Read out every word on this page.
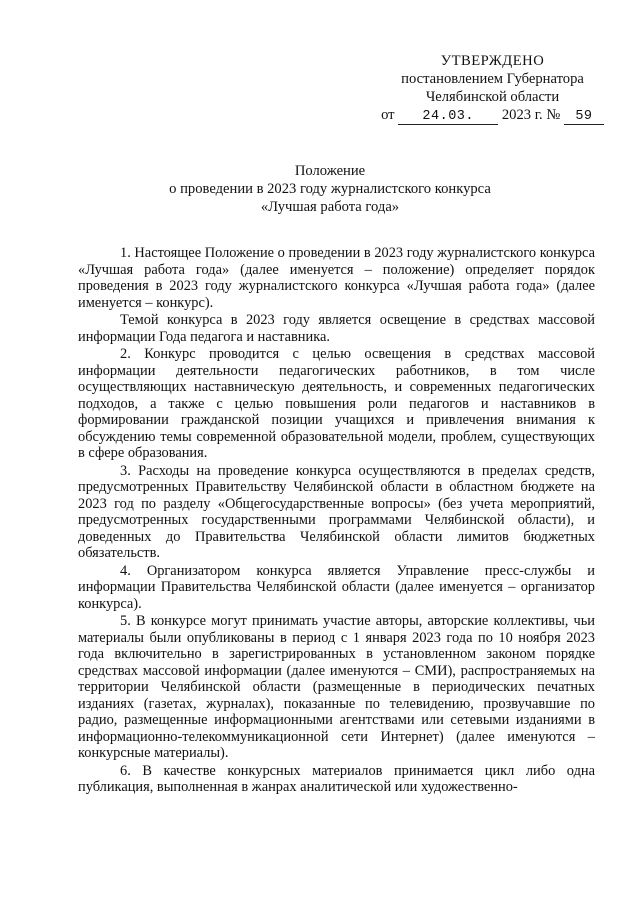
УТВЕРЖДЕНО
постановлением Губернатора
Челябинской области
от 24.03. 2023 г. № 59
Положение
о проведении в 2023 году журналистского конкурса
«Лучшая работа года»

1. Настоящее Положение о проведении в 2023 году журналистского конкурса «Лучшая работа года» (далее именуется – положение) определяет порядок проведения в 2023 году журналистского конкурса «Лучшая работа года» (далее именуется – конкурс).

Темой конкурса в 2023 году является освещение в средствах массовой информации Года педагога и наставника.

2. Конкурс проводится с целью освещения в средствах массовой информации деятельности педагогических работников, в том числе осуществляющих наставническую деятельность, и современных педагогических подходов, а также с целью повышения роли педагогов и наставников в формировании гражданской позиции учащихся и привлечения внимания к обсуждению темы современной образовательной модели, проблем, существующих в сфере образования.

3. Расходы на проведение конкурса осуществляются в пределах средств, предусмотренных Правительству Челябинской области в областном бюджете на 2023 год по разделу «Общегосударственные вопросы» (без учета мероприятий, предусмотренных государственными программами Челябинской области), и доведенных до Правительства Челябинской области лимитов бюджетных обязательств.

4. Организатором конкурса является Управление пресс-службы и информации Правительства Челябинской области (далее именуется – организатор конкурса).

5. В конкурсе могут принимать участие авторы, авторские коллективы, чьи материалы были опубликованы в период с 1 января 2023 года по 10 ноября 2023 года включительно в зарегистрированных в установленном законом порядке средствах массовой информации (далее именуются – СМИ), распространяемых на территории Челябинской области (размещенные в периодических печатных изданиях (газетах, журналах), показанные по телевидению, прозвучавшие по радио, размещенные информационными агентствами или сетевыми изданиями в информационно-телекоммуникационной сети Интернет) (далее именуются – конкурсные материалы).

6. В качестве конкурсных материалов принимается цикл либо одна публикация, выполненная в жанрах аналитической или художественно-
